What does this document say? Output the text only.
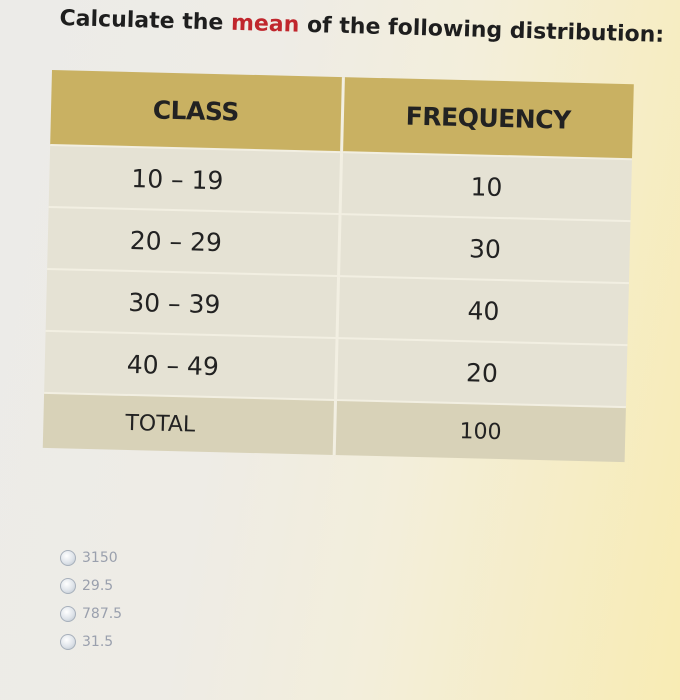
Calculate the mean of the following distribution:
CLASS	FREQUENCY
10 – 19	10
20 – 29	30
30 – 39	40
40 – 49	20
TOTAL	100
3150
29.5
787.5
31.5
